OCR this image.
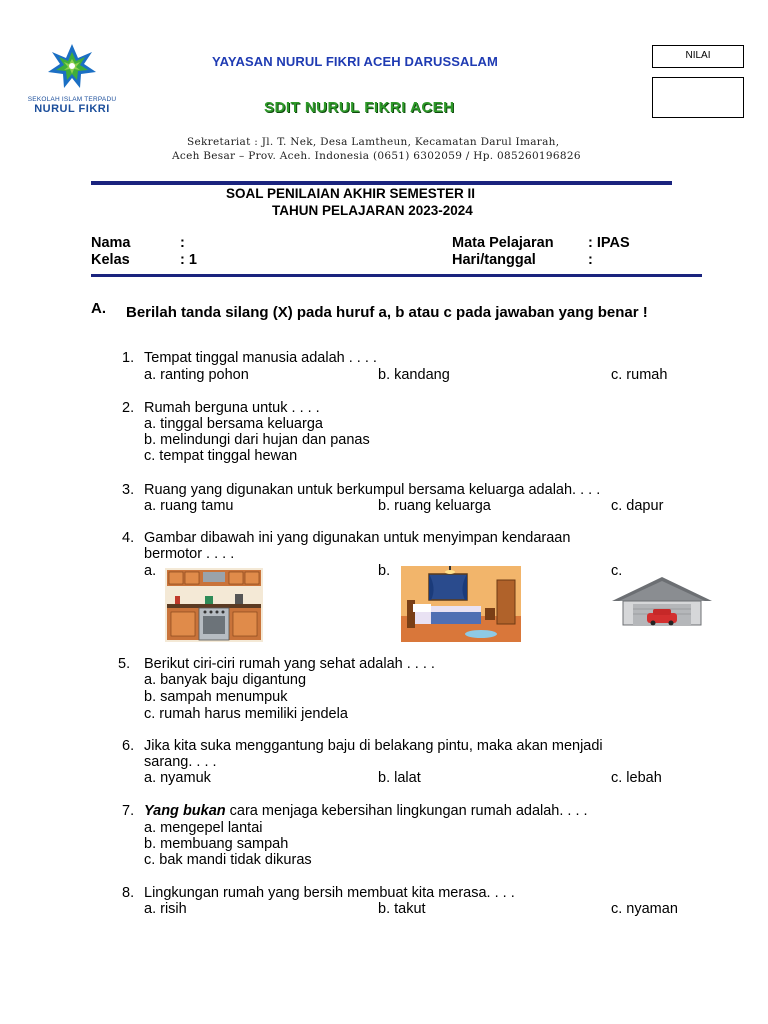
SEKOLAH ISLAM TERPADU
NURUL FIKRI
YAYASAN NURUL FIKRI ACEH DARUSSALAM
SDIT NURUL FIKRI ACEH
Sekretariat : Jl. T. Nek, Desa Lamtheun, Kecamatan Darul Imarah,
Aceh Besar – Prov. Aceh. Indonesia (0651) 6302059 / Hp. 085260196826
NILAI
SOAL PENILAIAN AKHIR SEMESTER II
TAHUN PELAJARAN 2023-2024
Nama	:
Kelas	: 1
Mata Pelajaran : IPAS
Hari/tanggal	:
A. Berilah tanda silang (X) pada huruf a, b atau c pada jawaban yang benar !
1. Tempat tinggal manusia adalah . . . .
a. ranting pohon	b. kandang	c. rumah
2. Rumah berguna untuk . . . .
a. tinggal bersama keluarga
b. melindungi dari hujan dan panas
c. tempat tinggal hewan
3. Ruang yang digunakan untuk berkumpul bersama keluarga adalah. . . .
a. ruang tamu	b. ruang keluarga	c. dapur
4. Gambar dibawah ini yang digunakan untuk menyimpan kendaraan
bermotor . . . .
a.	b.	c.
5. Berikut ciri-ciri rumah yang sehat adalah . . . .
a. banyak baju digantung
b. sampah menumpuk
c. rumah harus memiliki jendela
6. Jika kita suka menggantung baju di belakang pintu, maka akan menjadi
sarang. . . .
a. nyamuk	b. lalat	c. lebah
7. Yang bukan cara menjaga kebersihan lingkungan rumah adalah. . . .
a. mengepel lantai
b. membuang sampah
c. bak mandi tidak dikuras
8. Lingkungan rumah yang bersih membuat kita merasa. . . .
a. risih	b. takut	c. nyaman
